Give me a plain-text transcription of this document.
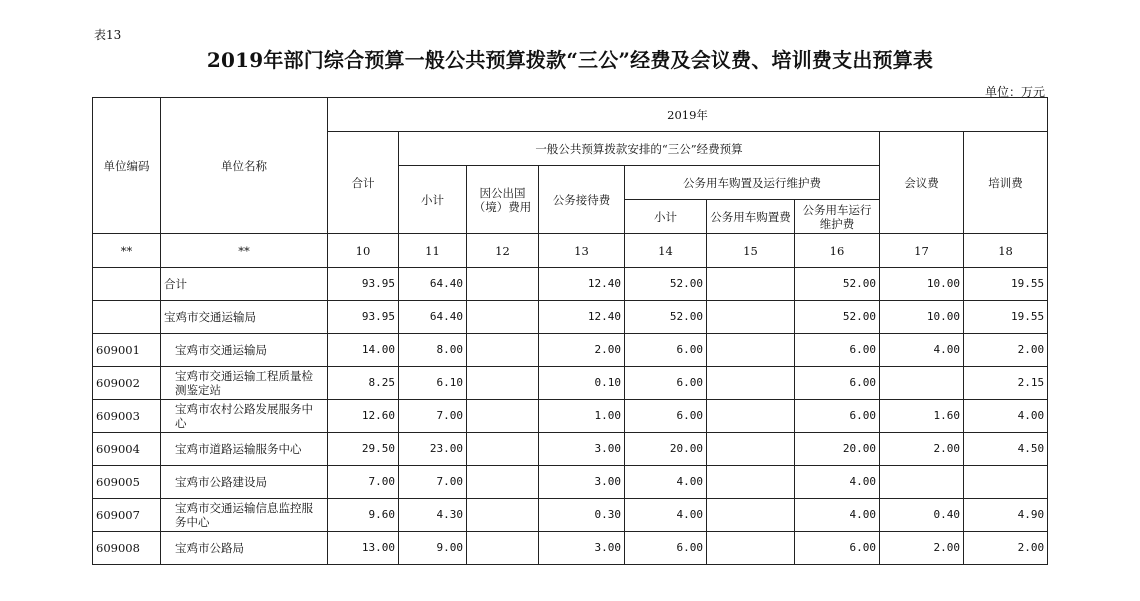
表13
2019年部门综合预算一般公共预算拨款“三公”经费及会议费、培训费支出预算表
单位：万元
单位编码	单位名称	2019年								
		合计	一般公共预算拨款安排的“三公”经费预算						会议费	培训费
			小计	因公出国（境）费用	公务接待费	公务用车购置及运行维护费				
						小计	公务用车购置费	公务用车运行维护费		
**	**	10	11	12	13	14	15	16	17	18
	合计	93.95	64.40		12.40	52.00		52.00	10.00	19.55
	宝鸡市交通运输局	93.95	64.40		12.40	52.00		52.00	10.00	19.55
609001	宝鸡市交通运输局	14.00	8.00		2.00	6.00		6.00	4.00	2.00
609002	宝鸡市交通运输工程质量检测鉴定站	8.25	6.10		0.10	6.00		6.00		2.15
609003	宝鸡市农村公路发展服务中心	12.60	7.00		1.00	6.00		6.00	1.60	4.00
609004	宝鸡市道路运输服务中心	29.50	23.00		3.00	20.00		20.00	2.00	4.50
609005	宝鸡市公路建设局	7.00	7.00		3.00	4.00		4.00		
609007	宝鸡市交通运输信息监控服务中心	9.60	4.30		0.30	4.00		4.00	0.40	4.90
609008	宝鸡市公路局	13.00	9.00		3.00	6.00		6.00	2.00	2.00
